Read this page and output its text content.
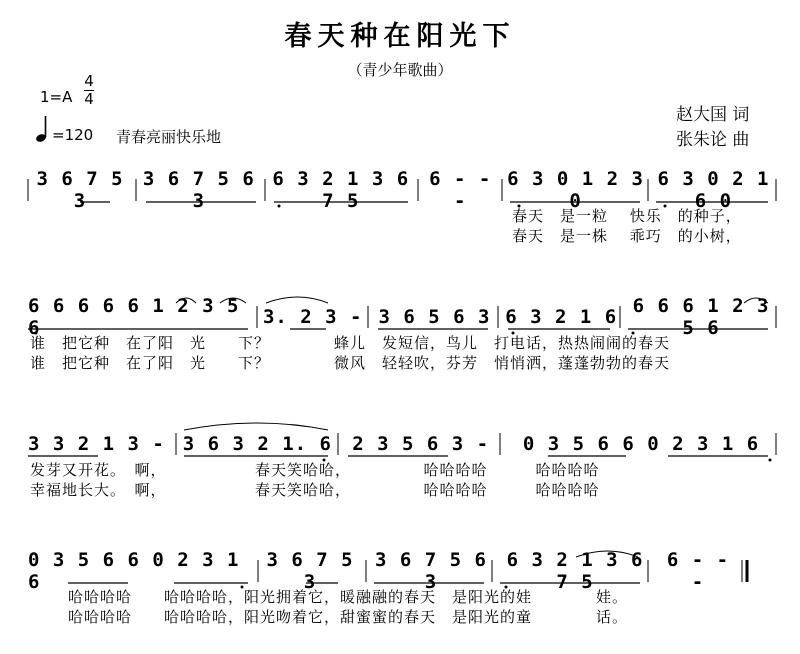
春天种在阳光下
（青少年歌曲）
1=A
4
4
=120 青春亮丽快乐地
赵大国 词
张朱论 曲
3 6 7 5 3
3 6 7 5 6 3
6 3 2 1 3 6 7 5
6 - - -
6 3 0 1 2 3 0
6 3 0 2 1 6 0
春天　是一粒　 快乐　的种子，
春天　是一株　 乖巧　的小树，
6 6 6 6 6 1 2 3 5 6	3. 2 3 - 3 6 5 6 3 6 3 2 1 6 6 6 6 1 2 3 5 6
谁　把它种　在了阳　光　　下？　　　　蜂儿　发短信，鸟儿　打电话，热热闹闹的春天
谁　把它种　在了阳　光　　下？　　　　微风　轻轻吹，芬芳　悄悄洒，蓬蓬勃勃的春天
3 3 2 1 3 - 3 6 3 2 1. 6	2 3 5 6 3 -	0 3 5 6 6 0 2 3 1 6
发芽又开花。　啊，　　　　　　春天笑哈哈，　　　　　哈哈哈哈　　　哈哈哈哈
幸福地长大。　啊，　　　　　　春天笑哈哈，　　　　　哈哈哈哈　　　哈哈哈哈
0 3 5 6 6 0 2 3 1 6
3 6 7 5 3
3 6 7 5 6 3
6 3 2 1 3 6 7 5
6 - - -
哈哈哈哈　　哈哈哈哈，阳光拥着它，暖融融的春天　是阳光的娃　　　　娃。
哈哈哈哈　　哈哈哈哈，阳光吻着它，甜蜜蜜的春天　是阳光的童　　　　话。
